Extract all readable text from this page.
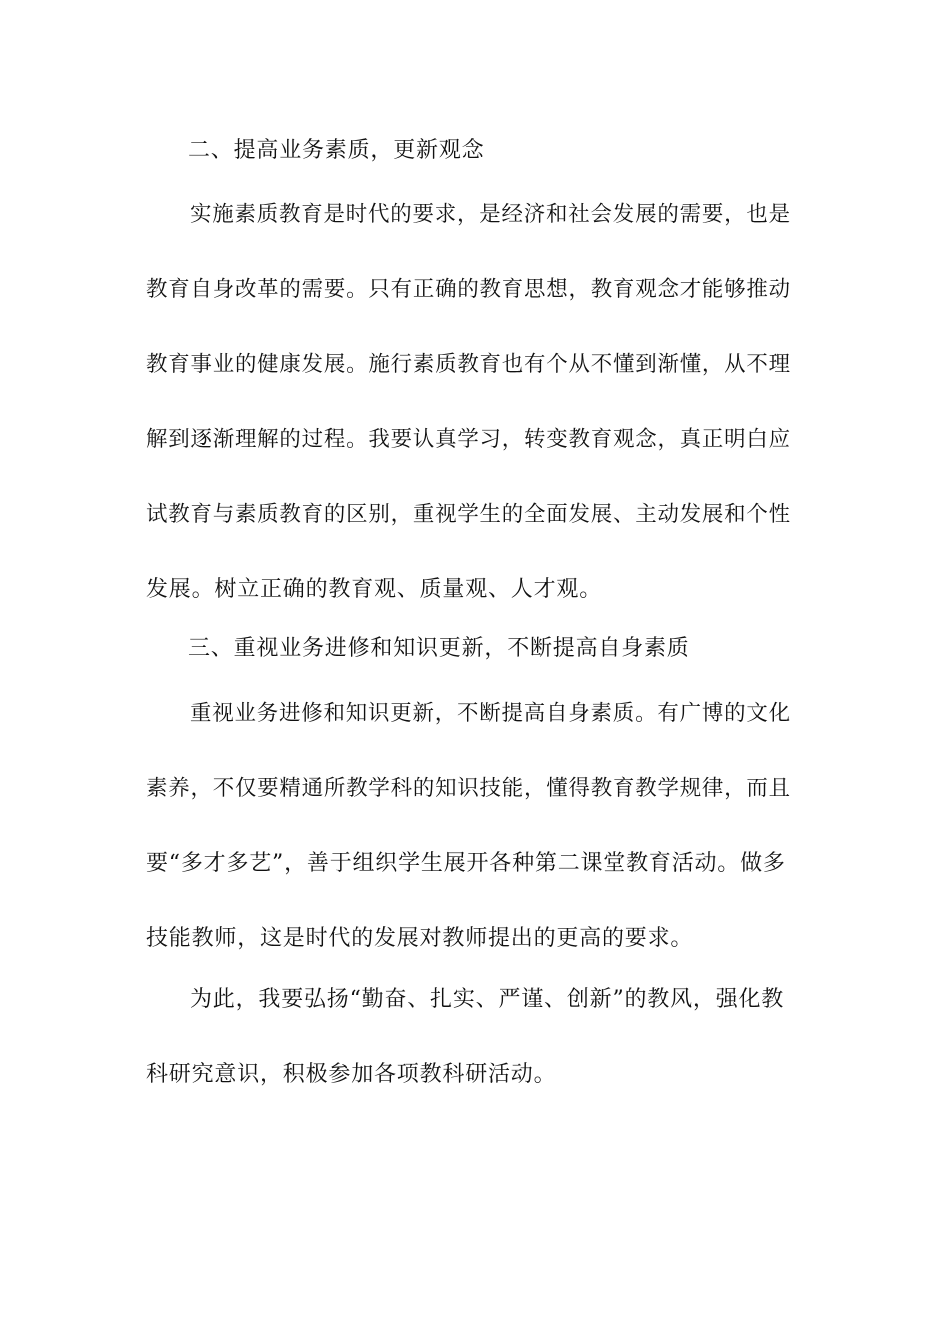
二、提高业务素质，更新观念
实施素质教育是时代的要求，是经济和社会发展的需要，也是
教育自身改革的需要。只有正确的教育思想，教育观念才能够推动
教育事业的健康发展。施行素质教育也有个从不懂到渐懂，从不理
解到逐渐理解的过程。我要认真学习，转变教育观念，真正明白应
试教育与素质教育的区别，重视学生的全面发展、主动发展和个性
发展。树立正确的教育观、质量观、人才观。
三、重视业务进修和知识更新，不断提高自身素质
重视业务进修和知识更新，不断提高自身素质。有广博的文化
素养，不仅要精通所教学科的知识技能，懂得教育教学规律，而且
要“多才多艺”，善于组织学生展开各种第二课堂教育活动。做多
技能教师，这是时代的发展对教师提出的更高的要求。
为此，我要弘扬“勤奋、扎实、严谨、创新”的教风，强化教
科研究意识，积极参加各项教科研活动。
